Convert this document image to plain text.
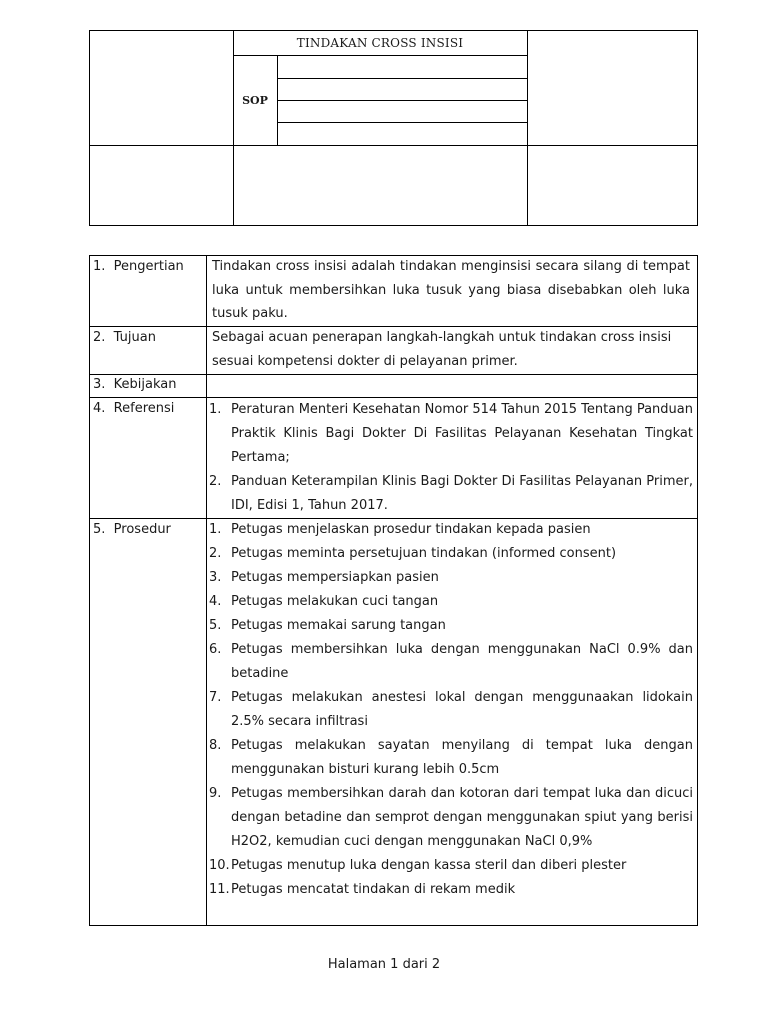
TINDAKAN CROSS INSISI
SOP
1.  Pengertian	Tindakan cross insisi adalah tindakan menginsisi secara silang di tempat luka untuk membersihkan luka tusuk yang biasa disebabkan oleh luka tusuk paku.
2.  Tujuan	Sebagai acuan penerapan langkah-langkah untuk tindakan cross insisi sesuai kompetensi dokter di pelayanan primer.
3.  Kebijakan
4.  Referensi	1. Peraturan Menteri Kesehatan Nomor 514 Tahun 2015 Tentang Panduan Praktik Klinis Bagi Dokter Di Fasilitas Pelayanan Kesehatan Tingkat Pertama;
2. Panduan Keterampilan Klinis Bagi Dokter Di Fasilitas Pelayanan Primer, IDI, Edisi 1, Tahun 2017.
5.  Prosedur	1. Petugas menjelaskan prosedur tindakan kepada pasien
2. Petugas meminta persetujuan tindakan (informed consent)
3. Petugas mempersiapkan pasien
4. Petugas melakukan cuci tangan
5. Petugas memakai sarung tangan
6. Petugas membersihkan luka dengan menggunakan NaCl 0.9% dan betadine
7. Petugas melakukan anestesi lokal dengan menggunaakan lidokain 2.5% secara infiltrasi
8. Petugas melakukan sayatan menyilang di tempat luka dengan menggunakan bisturi kurang lebih 0.5cm
9. Petugas membersihkan darah dan kotoran dari tempat luka dan dicuci dengan betadine dan semprot dengan menggunakan spiut yang berisi H2O2, kemudian cuci dengan menggunakan NaCl 0,9%
10. Petugas menutup luka dengan kassa steril dan diberi plester
11. Petugas mencatat tindakan di rekam medik
Halaman 1 dari 2
